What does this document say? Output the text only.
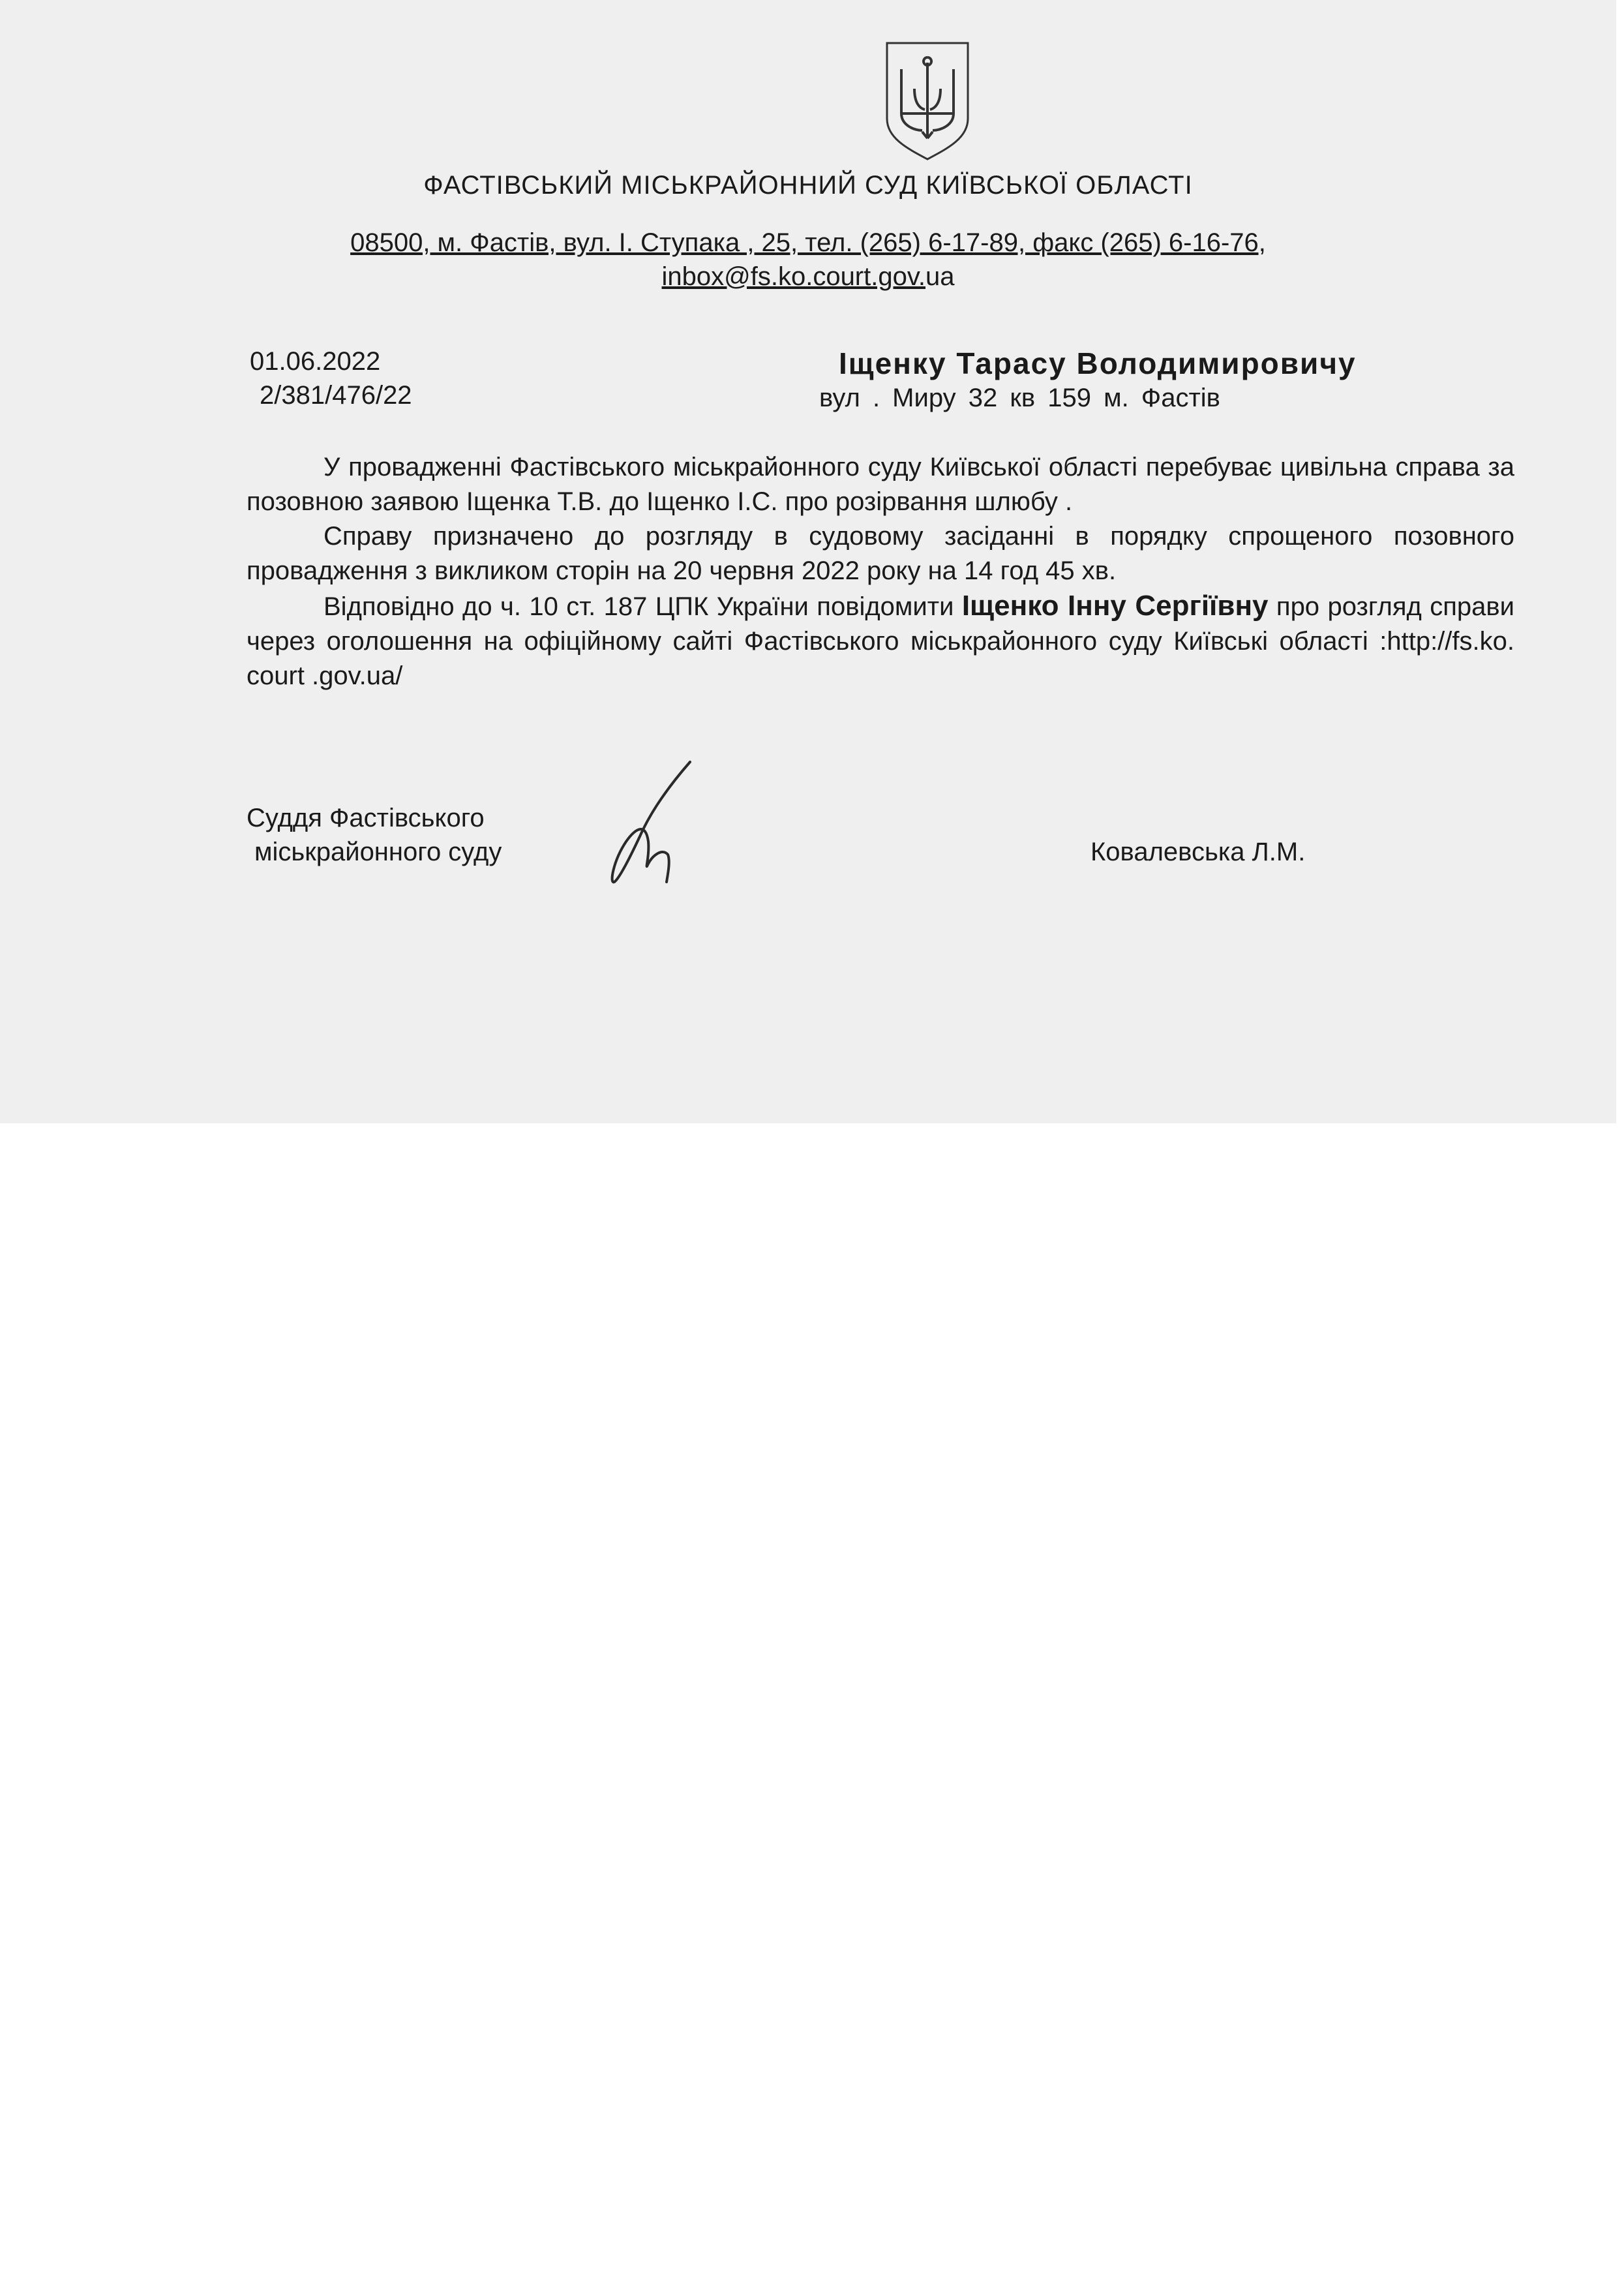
ФАСТІВСЬКИЙ МІСЬКРАЙОННИЙ СУД КИЇВСЬКОЇ ОБЛАСТІ
08500, м. Фастів, вул. І. Ступака , 25, тел. (265) 6-17-89, факс (265) 6-16-76,
inbox@fs.ko.court.gov.ua
01.06.2022
2/381/476/22
Іщенку Тарасу Володимировичу
вул . Миру 32 кв 159 м. Фастів

У провадженні Фастівського міськрайонного суду Київської області перебуває цивільна справа за позовною заявою Іщенка Т.В. до Іщенко І.С. про розірвання шлюбу .

Справу призначено до розгляду в судовому засіданні в порядку спрощеного позовного провадження з викликом сторін на 20 червня 2022 року на 14 год 45 хв.

Відповідно до ч. 10 ст. 187 ЦПК України повідомити Іщенко Інну Сергіївну про розгляд справи через оголошення на офіційному сайті Фастівського міськрайонного суду Київські області :http://fs.ko. court .gov.ua/

Суддя Фастівського
міськрайонного суду	Ковалевська Л.М.
